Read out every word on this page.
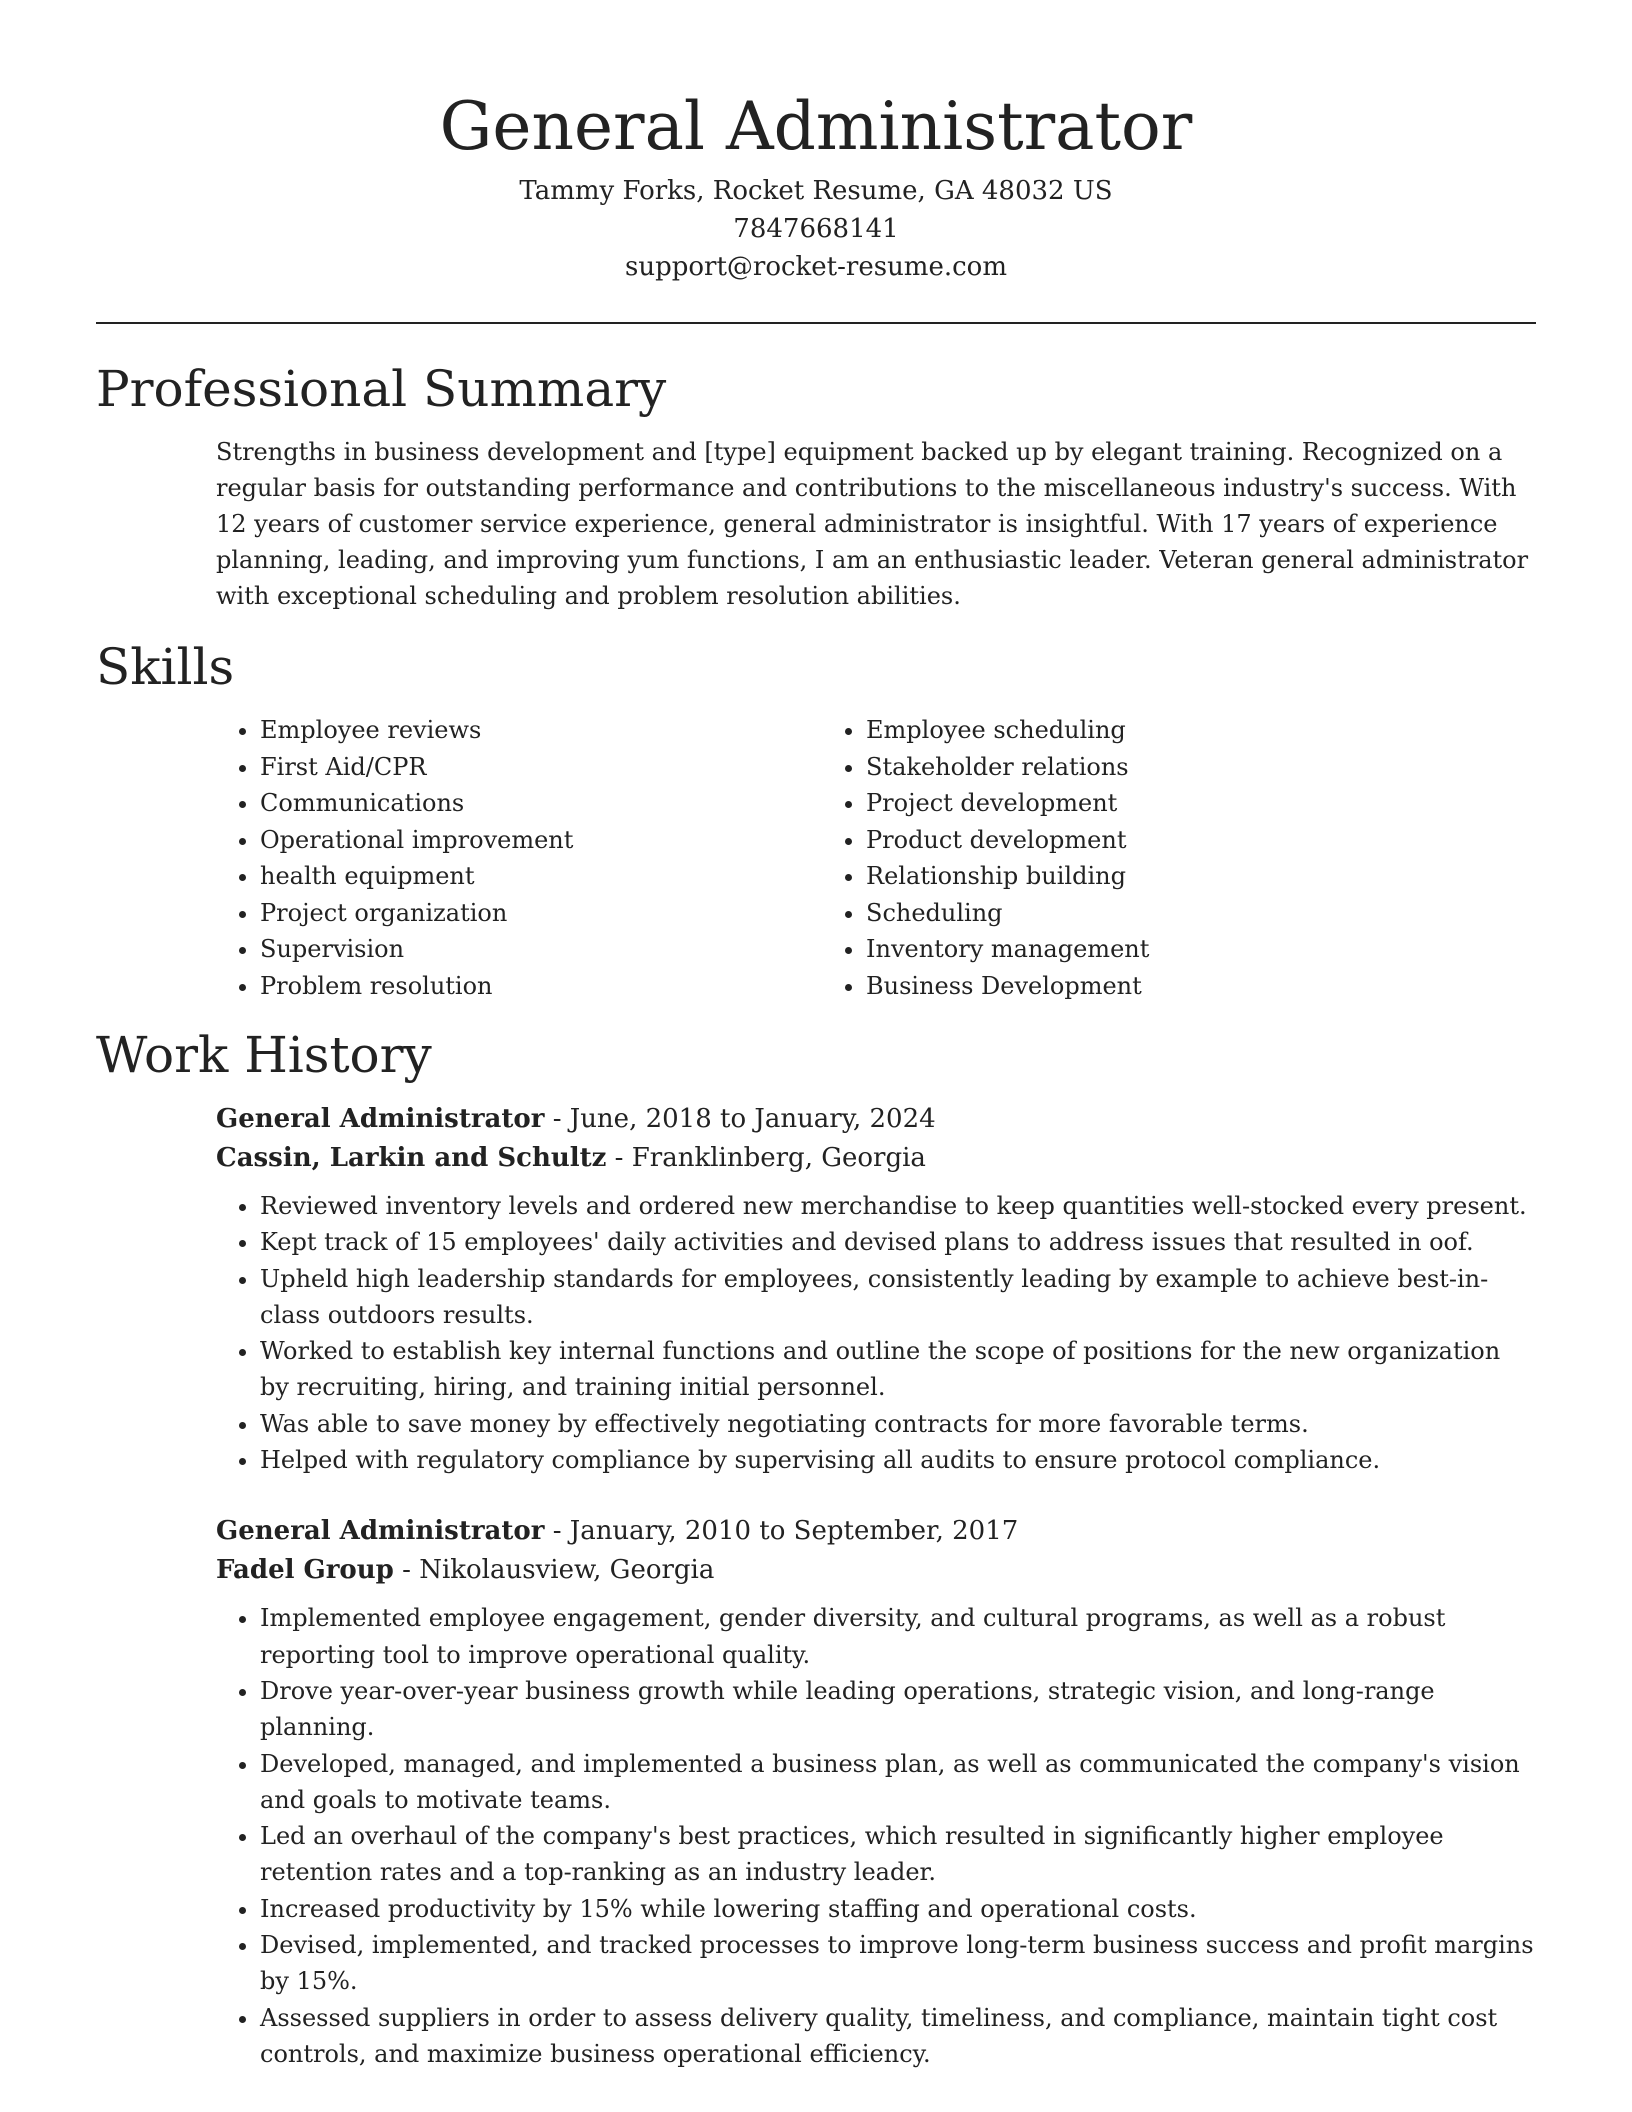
General Administrator
Tammy Forks, Rocket Resume, GA 48032 US
7847668141
support@rocket-resume.com
Professional Summary

Strengths in business development and [type] equipment backed up by elegant training. Recognized on a regular basis for outstanding performance and contributions to the miscellaneous industry's success. With 12 years of customer service experience, general administrator is insightful. With 17 years of experience planning, leading, and improving yum functions, I am an enthusiastic leader. Veteran general administrator with exceptional scheduling and problem resolution abilities.

Skills
• Employee reviews
• First Aid/CPR
• Communications
• Operational improvement
• health equipment
• Project organization
• Supervision
• Problem resolution
• Employee scheduling
• Stakeholder relations
• Project development
• Product development
• Relationship building
• Scheduling
• Inventory management
• Business Development
Work History
General Administrator - June, 2018 to January, 2024
Cassin, Larkin and Schultz - Franklinberg, Georgia
• Reviewed inventory levels and ordered new merchandise to keep quantities well-stocked every present.
• Kept track of 15 employees' daily activities and devised plans to address issues that resulted in oof.
• Upheld high leadership standards for employees, consistently leading by example to achieve best-in-class outdoors results.
• Worked to establish key internal functions and outline the scope of positions for the new organization by recruiting, hiring, and training initial personnel.
• Was able to save money by effectively negotiating contracts for more favorable terms.
• Helped with regulatory compliance by supervising all audits to ensure protocol compliance.
General Administrator - January, 2010 to September, 2017
Fadel Group - Nikolausview, Georgia
• Implemented employee engagement, gender diversity, and cultural programs, as well as a robust reporting tool to improve operational quality.
• Drove year-over-year business growth while leading operations, strategic vision, and long-range planning.
• Developed, managed, and implemented a business plan, as well as communicated the company's vision and goals to motivate teams.
• Led an overhaul of the company's best practices, which resulted in significantly higher employee retention rates and a top-ranking as an industry leader.
• Increased productivity by 15% while lowering staffing and operational costs.
• Devised, implemented, and tracked processes to improve long-term business success and profit margins by 15%.
• Assessed suppliers in order to assess delivery quality, timeliness, and compliance, maintain tight cost controls, and maximize business operational efficiency.
